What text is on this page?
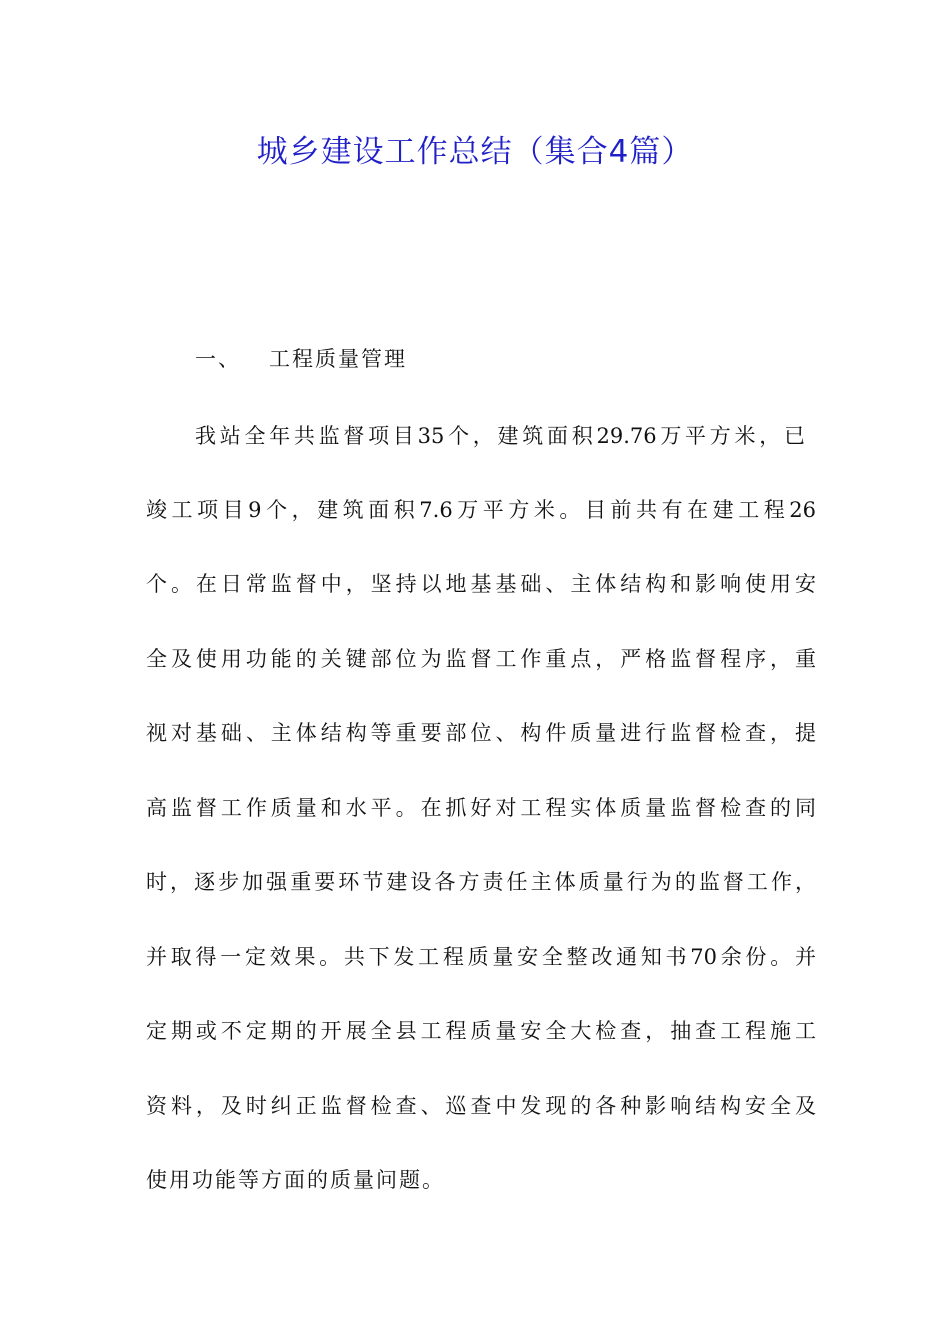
城乡建设工作总结（集合4篇）
一、 工程质量管理

我站全年共监督项目35个，建筑面积29.76万平方米，已

竣工项目9个，建筑面积7.6万平方米。目前共有在建工程26

个。在日常监督中，坚持以地基基础、主体结构和影响使用安

全及使用功能的关键部位为监督工作重点，严格监督程序，重

视对基础、主体结构等重要部位、构件质量进行监督检查，提

高监督工作质量和水平。在抓好对工程实体质量监督检查的同

时，逐步加强重要环节建设各方责任主体质量行为的监督工作，

并取得一定效果。共下发工程质量安全整改通知书70余份。并

定期或不定期的开展全县工程质量安全大检查，抽查工程施工

资料，及时纠正监督检查、巡查中发现的各种影响结构安全及

使用功能等方面的质量问题。
